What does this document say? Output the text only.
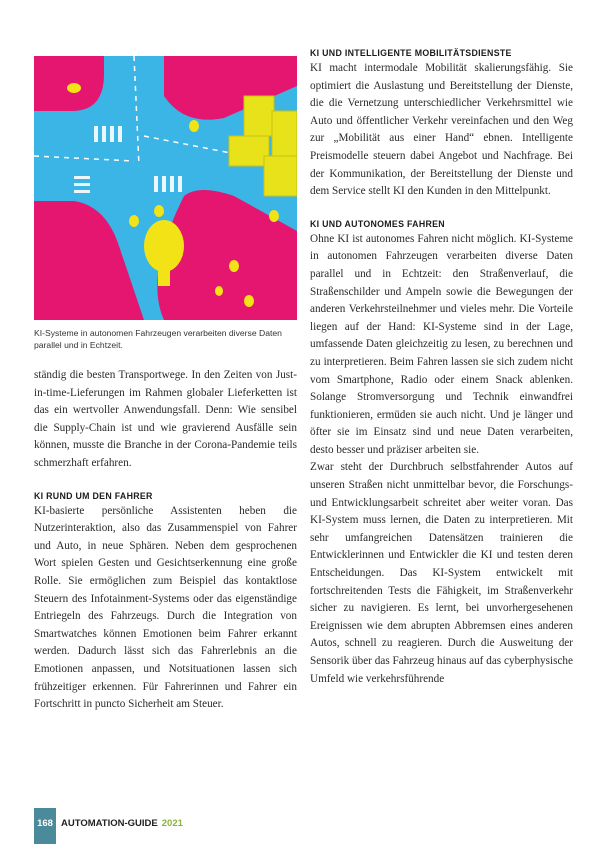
KI-Systeme in autonomen Fahrzeugen verarbeiten diverse Daten parallel und in Echtzeit.

ständig die besten Transportwege. In den Zeiten von Just-in-time-Lieferungen im Rahmen globaler Lieferketten ist das ein wertvoller Anwendungsfall. Denn: Wie sensibel die Supply-Chain ist und wie gravierend Ausfälle sein können, musste die Branche in der Corona-Pandemie teils schmerzhaft erfahren.

KI RUND UM DEN FAHRER

KI-basierte persönliche Assistenten heben die Nutzerinteraktion, also das Zusammenspiel von Fahrer und Auto, in neue Sphären. Neben dem gesprochenen Wort spielen Gesten und Gesichtserkennung eine große Rolle. Sie ermöglichen zum Beispiel das kontaktlose Steuern des Infotainment-Systems oder das eigenständige Entriegeln des Fahrzeugs. Durch die Integration von Smartwatches können Emotionen beim Fahrer erkannt werden. Dadurch lässt sich das Fahrerlebnis an die Emotionen anpassen, und Notsituationen lassen sich frühzeitiger erkennen. Für Fahrerinnen und Fahrer ein Fortschritt in puncto Sicherheit am Steuer.

KI UND INTELLIGENTE MOBILITÄTSDIENSTE

KI macht intermodale Mobilität skalierungsfähig. Sie optimiert die Auslastung und Bereitstellung der Dienste, die die Vernetzung unterschiedlicher Verkehrsmittel wie Auto und öffentlicher Verkehr vereinfachen und den Weg zur „Mobilität aus einer Hand“ ebnen. Intelligente Preismodelle steuern dabei Angebot und Nachfrage. Bei der Kommunikation, der Bereitstellung der Dienste und dem Service stellt KI den Kunden in den Mittelpunkt.

KI UND AUTONOMES FAHREN

Ohne KI ist autonomes Fahren nicht möglich. KI-Systeme in autonomen Fahrzeugen verarbeiten diverse Daten parallel und in Echtzeit: den Straßenverlauf, die Straßenschilder und Ampeln sowie die Bewegungen der anderen Verkehrsteilnehmer und vieles mehr. Die Vorteile liegen auf der Hand: KI-Systeme sind in der Lage, umfassende Daten gleichzeitig zu lesen, zu berechnen und zu interpretieren. Beim Fahren lassen sie sich zudem nicht vom Smartphone, Radio oder einem Snack ablenken. Solange Stromversorgung und Technik einwandfrei funktionieren, ermüden sie auch nicht. Und je länger und öfter sie im Einsatz sind und neue Daten verarbeiten, desto besser und präziser arbeiten sie.

Zwar steht der Durchbruch selbstfahrender Autos auf unseren Straßen nicht unmittelbar bevor, die Forschungs- und Entwicklungsarbeit schreitet aber weiter voran. Das KI-System muss lernen, die Daten zu interpretieren. Mit sehr umfangreichen Datensätzen trainieren die Entwicklerinnen und Entwickler die KI und testen deren Entscheidungen. Das KI-System entwickelt mit fortschreitenden Tests die Fähigkeit, im Straßenverkehr sicher zu navigieren. Es lernt, bei unvorhergesehenen Ereignissen wie dem abrupten Abbremsen eines anderen Autos, schnell zu reagieren. Durch die Ausweitung der Sensorik über das Fahrzeug hinaus auf das cyberphysische Umfeld wie verkehrsführende

168 AUTOMATION-GUIDE 2021
